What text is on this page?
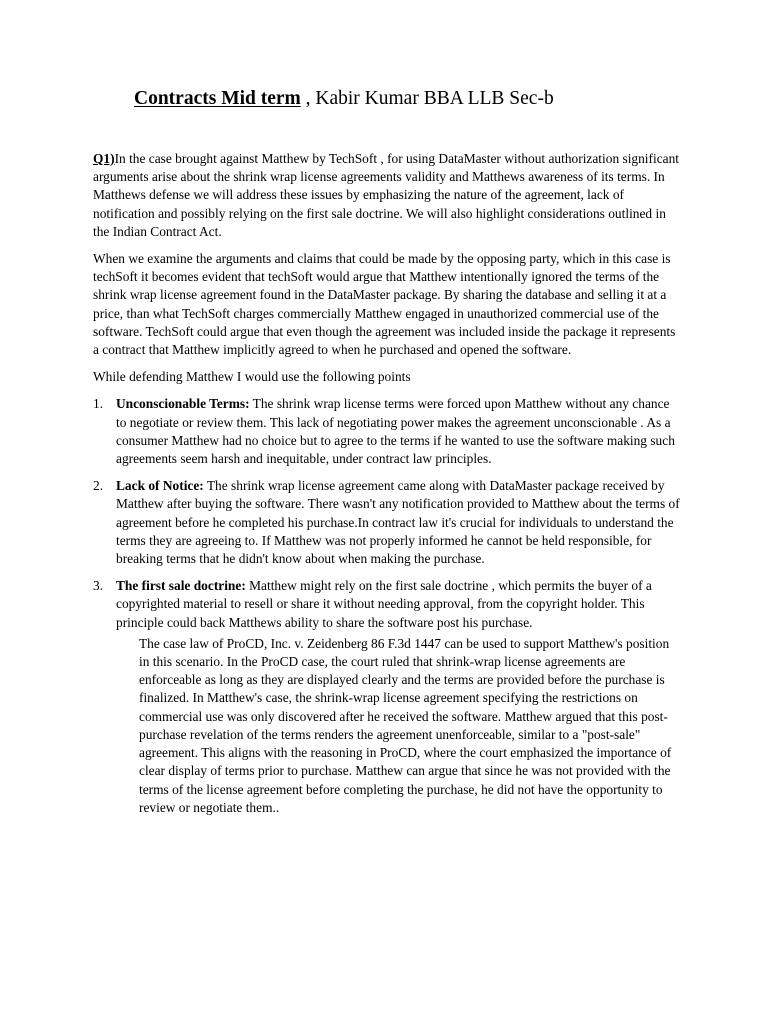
Contracts Mid term , Kabir Kumar BBA LLB Sec-b

Q1)In the case brought against Matthew by TechSoft , for using DataMaster without authorization significant arguments arise about the shrink wrap license agreements validity and Matthews awareness of its terms. In Matthews defense we will address these issues by emphasizing the nature of the agreement, lack of notification and possibly relying on the first sale doctrine. We will also highlight considerations outlined in the Indian Contract Act.

When we examine the arguments and claims that could be made by the opposing party, which in this case is techSoft it becomes evident that techSoft would argue that Matthew intentionally ignored the terms of the shrink wrap license agreement found in the DataMaster package. By sharing the database and selling it at a price, than what TechSoft charges commercially Matthew engaged in unauthorized commercial use of the software. TechSoft could argue that even though the agreement was included inside the package it represents a contract that Matthew implicitly agreed to when he purchased and opened the software.

While defending Matthew I would use the following points

1. Unconscionable Terms: The shrink wrap license terms were forced upon Matthew without any chance to negotiate or review them. This lack of negotiating power makes the agreement unconscionable . As a consumer Matthew had no choice but to agree to the terms if he wanted to use the software making such agreements seem harsh and inequitable, under contract law principles.
2. Lack of Notice: The shrink wrap license agreement came along with DataMaster package received by Matthew after buying the software. There wasn't any notification provided to Matthew about the terms of agreement before he completed his purchase.In contract law it's crucial for individuals to understand the terms they are agreeing to. If Matthew was not properly informed he cannot be held responsible, for breaking terms that he didn't know about when making the purchase.
3. The first sale doctrine: Matthew might rely on the first sale doctrine , which permits the buyer of a copyrighted material to resell or share it without needing approval, from the copyright holder. This principle could back Matthews ability to share the software post his purchase.

The case law of ProCD, Inc. v. Zeidenberg 86 F.3d 1447 can be used to support Matthew's position in this scenario. In the ProCD case, the court ruled that shrink-wrap license agreements are enforceable as long as they are displayed clearly and the terms are provided before the purchase is finalized. In Matthew's case, the shrink-wrap license agreement specifying the restrictions on commercial use was only discovered after he received the software. Matthew argued that this post-purchase revelation of the terms renders the agreement unenforceable, similar to a "post-sale" agreement. This aligns with the reasoning in ProCD, where the court emphasized the importance of clear display of terms prior to purchase. Matthew can argue that since he was not provided with the terms of the license agreement before completing the purchase, he did not have the opportunity to review or negotiate them..
